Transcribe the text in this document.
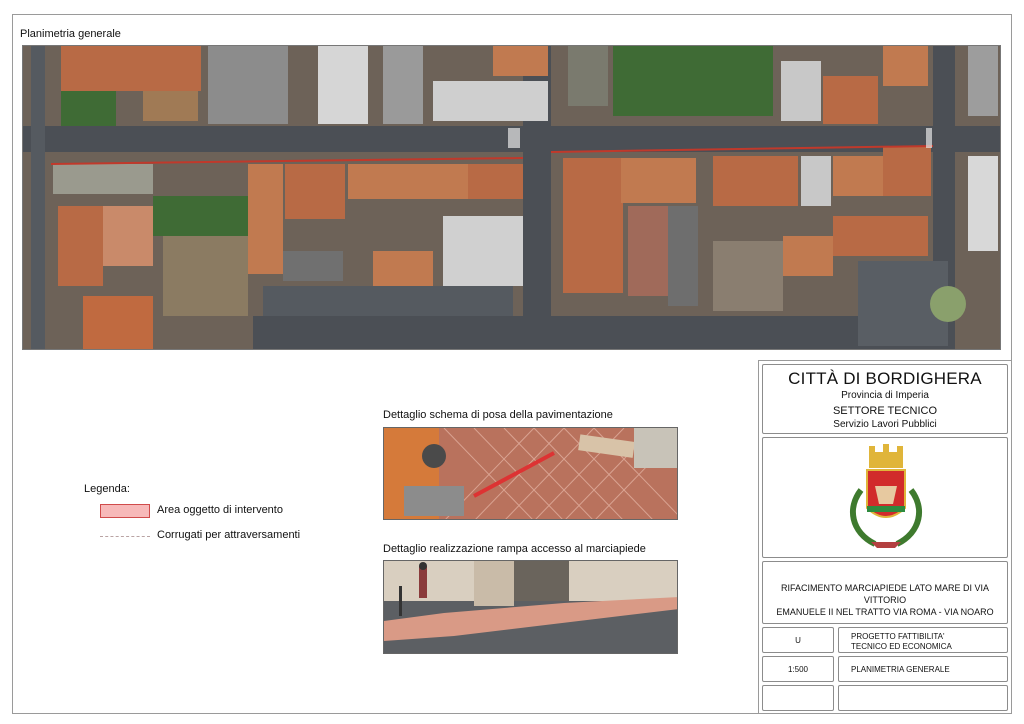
Planimetria generale
Legenda:
Area oggetto di intervento
Corrugati per attraversamenti
Dettaglio schema di posa della pavimentazione
Dettaglio realizzazione rampa accesso al marciapiede
CITTÀ DI BORDIGHERA
Provincia di Imperia
SETTORE TECNICO
Servizio Lavori Pubblici
RIFACIMENTO MARCIAPIEDE LATO MARE DI VIA VITTORIO
EMANUELE II NEL TRATTO VIA ROMA - VIA NOARO
U	PROGETTO FATTIBILITA'
TECNICO ED ECONOMICA
1:500	PLANIMETRIA GENERALE
